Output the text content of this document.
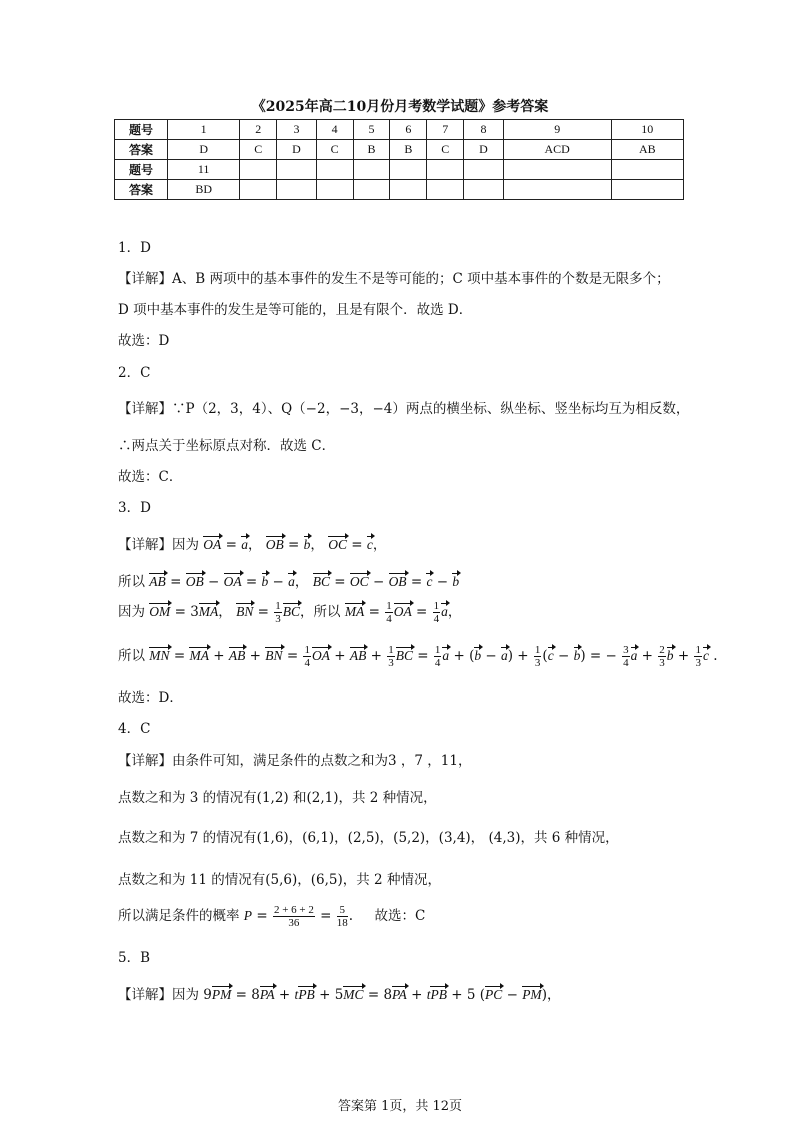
《2025年高二10月份月考数学试题》参考答案
题号	1	2	3	4	5	6	7	8	9	10
答案	D	C	D	C	B	B	C	D	ACD	AB
题号	11									
答案	BD									
1．D
【详解】A、B 两项中的基本事件的发生不是等可能的；C 项中基本事件的个数是无限多个；
D 项中基本事件的发生是等可能的，且是有限个．故选 D．
故选：D
2．C
【详解】∵P（2，3，4）、Q（−2，−3，−4）两点的横坐标、纵坐标、竖坐标均互为相反数，
∴两点关于坐标原点对称．故选 C．
故选：C．
3．D
【详解】因为 OA = a， OB = b， OC = c，
所以 AB = OB − OA = b − a， BC = OC − OB = c − b
因为 OM = 3MA， BN = $\frac{1}{3}$ BC，所以 MA = $\frac{1}{4}$ OA = $\frac{1}{4}$ a，
所以 MN = MA + AB + BN = $\frac{1}{4}$ OA + AB + $\frac{1}{3}$ BC = $\frac{1}{4}$ $a + (b - a) + \frac{1}{3} (c - b)$ = − $\frac{3}{4}$ $a + \frac{2}{3}$ $b + \frac{1}{3}$ c .
故选：D．
4．C
【详解】由条件可知，满足条件的点数之和为3 ，7 ，11，
点数之和为 3 的情况有(1,2) 和(2,1)，共 2 种情况，
点数之和为 7 的情况有(1,6)，(6,1)，(2,5)，(5,2)，(3,4)， (4,3)，共 6 种情况，
点数之和为 11 的情况有(5,6)，(6,5)，共 2 种情况，
所以满足条件的概率 $P = \frac{2 + 6 + 2}{36} = \frac{5}{18}$ .     故选：C
5．B
【详解】因为 9PM = 8PA + tPB + 5MC = 8PA + tPB + 5 (PC − PM)，
答案第 1页，共 12页
